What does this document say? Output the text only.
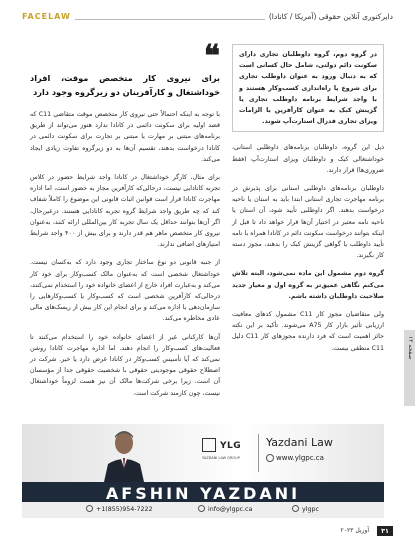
FACELAW	دایرکتوری آنلاین حقوقی (آمریکا / کانادا)
در گروه دوم، گروه داوطلبان تجاری دارای سکونت دائم دولتی، شامل حال کسانی است که به دنبال ورود به عنوان داوطلب تجاری برای شروع یا راه‌اندازی کسب‌وکار هستند و با واجد شرایط برنامه داوطلب تجاری یا گزینش کبک به عنوان کارآفرین با الزامات ویزای تجاری فدرال استارت‌آپ شوند.

ذیل این گروه، داوطلبان برنامه‌های داوطلبی استانی، خوداشتغالی کبک و داوطلبان ویزای استارت‌آپ (فقط ضروری‌ها) قرار دارند.

داوطلبان برنامه‌های داوطلبی استانی برای پذیرش در برنامه مهاجرت تجاری استانی ابتدا باید به استان یا ناحیه درخواست بدهند. اگر داوطلبی تأیید شود، آن استان یا ناحیه نامه معتبر در اختیار آن‌ها قرار خواهد داد تا قبل از اینکه بتوانند درخواست سکونت دائم در کانادا همراه با نامه تأیید داوطلب یا گواهی گزینش کبک را بدهند، مجوز دسته کار بگیرند.

گروه دوم مشمول این ماده نمی‌شود، البته تلاش می‌کنم نگاهی عمیق‌تر به گروه اول و معیار جدید صلاحیت داوطلبان داشته باشم.

ولی متقاضیان مجوز کار C11 مشمول کدهای معافیت ارزیابی تأثیر بازار کار A75 می‌شوند. تأکید بر این نکته حائز اهمیت است که فرد دارنده مجوزهای کار C11 دلیل C11 منطقی نیست.

❝
برای نیروی کار متخصص موقت، افراد خوداشتغال و کارآفرینان دو زیرگروه وجود دارد

با توجه به اینکه احتمالاً حتی نیروی کار متخصص موقت متقاضی C11 که قصد اولیه برای سکونت دائمی در کانادا ندارد هنوز می‌تواند از طریق برنامه‌های مبتنی بر مهارت یا مبتنی بر تجارت برای سکونت دائمی در کانادا درخواست بدهند، تقسیم آن‌ها به دو زیرگروه تفاوت زیادی ایجاد می‌کند.

برای مثال، کارگر خوداشتغال در کانادا واجد شرایط حضور در کلاس تجربه کانادایی نیست، درحالی‌که کارآفرین مجاز به حضور است، اما اداره مهاجرت کانادا قرار است قوانین اثبات قانونی این موضوع را کاملاً شفاف کند که چه طریق واجد شرایط گروه تجربه کانادایی هستند. درعین‌حال، اگر آن‌ها بتوانند حداقل یک سال تجربه کار بین‌المللی ارائه کنند، به‌عنوان نیروی کار متخصص ماهر هم قدر دارند و برای بیش از ۴۰۰ واجد شرایط امتیازهای اضافی ندارند.

از جنبه قانونی دو نوع ساختار تجاری وجود دارد که به‌کسان نیست. خوداشتغال شخصی است که به‌عنوان مالک کسب‌وکار برای خود کار می‌کند و به‌عبارت افراد خارج از اعضای خانواده خود را استخدام نمی‌کنند، درحالی‌که کارآفرین شخصی است که کسب‌وکار یا کسب‌وکارهایی را سازمان‌دهی یا اداره می‌کند و برای انجام این کار بیش از ریسک‌های مالی عادی مخاطره می‌کند.

آن‌ها کارکنانی غیر از اعضای خانواده خود را استخدام می‌کنند تا فعالیت‌های کسب‌وکار را انجام دهند. اما اداره مهاجرت کانادا روشن نمی‌کند که آیا تأسیس کسب‌وکار در کانادا غرض دارد یا خیر. شرکت در اصطلاح حقوقی موجودیتی حقوقی با شخصیت حقوقی جدا از مؤسسان آن است. زیرا برخی شرکت‌ها مالک آن نیز هست لزوماً خوداشتغال نیست، چون کارمند شرکت است.

صفحه ۱۲
YLG
YAZDANI LAW GROUP
Yazdani Law
www.ylgpc.ca
AFSHIN YAZDANI
+1(855)954-7222	info@ylgpc.ca	ylgpc
۳۱
آوریل ۲۰۲۳
